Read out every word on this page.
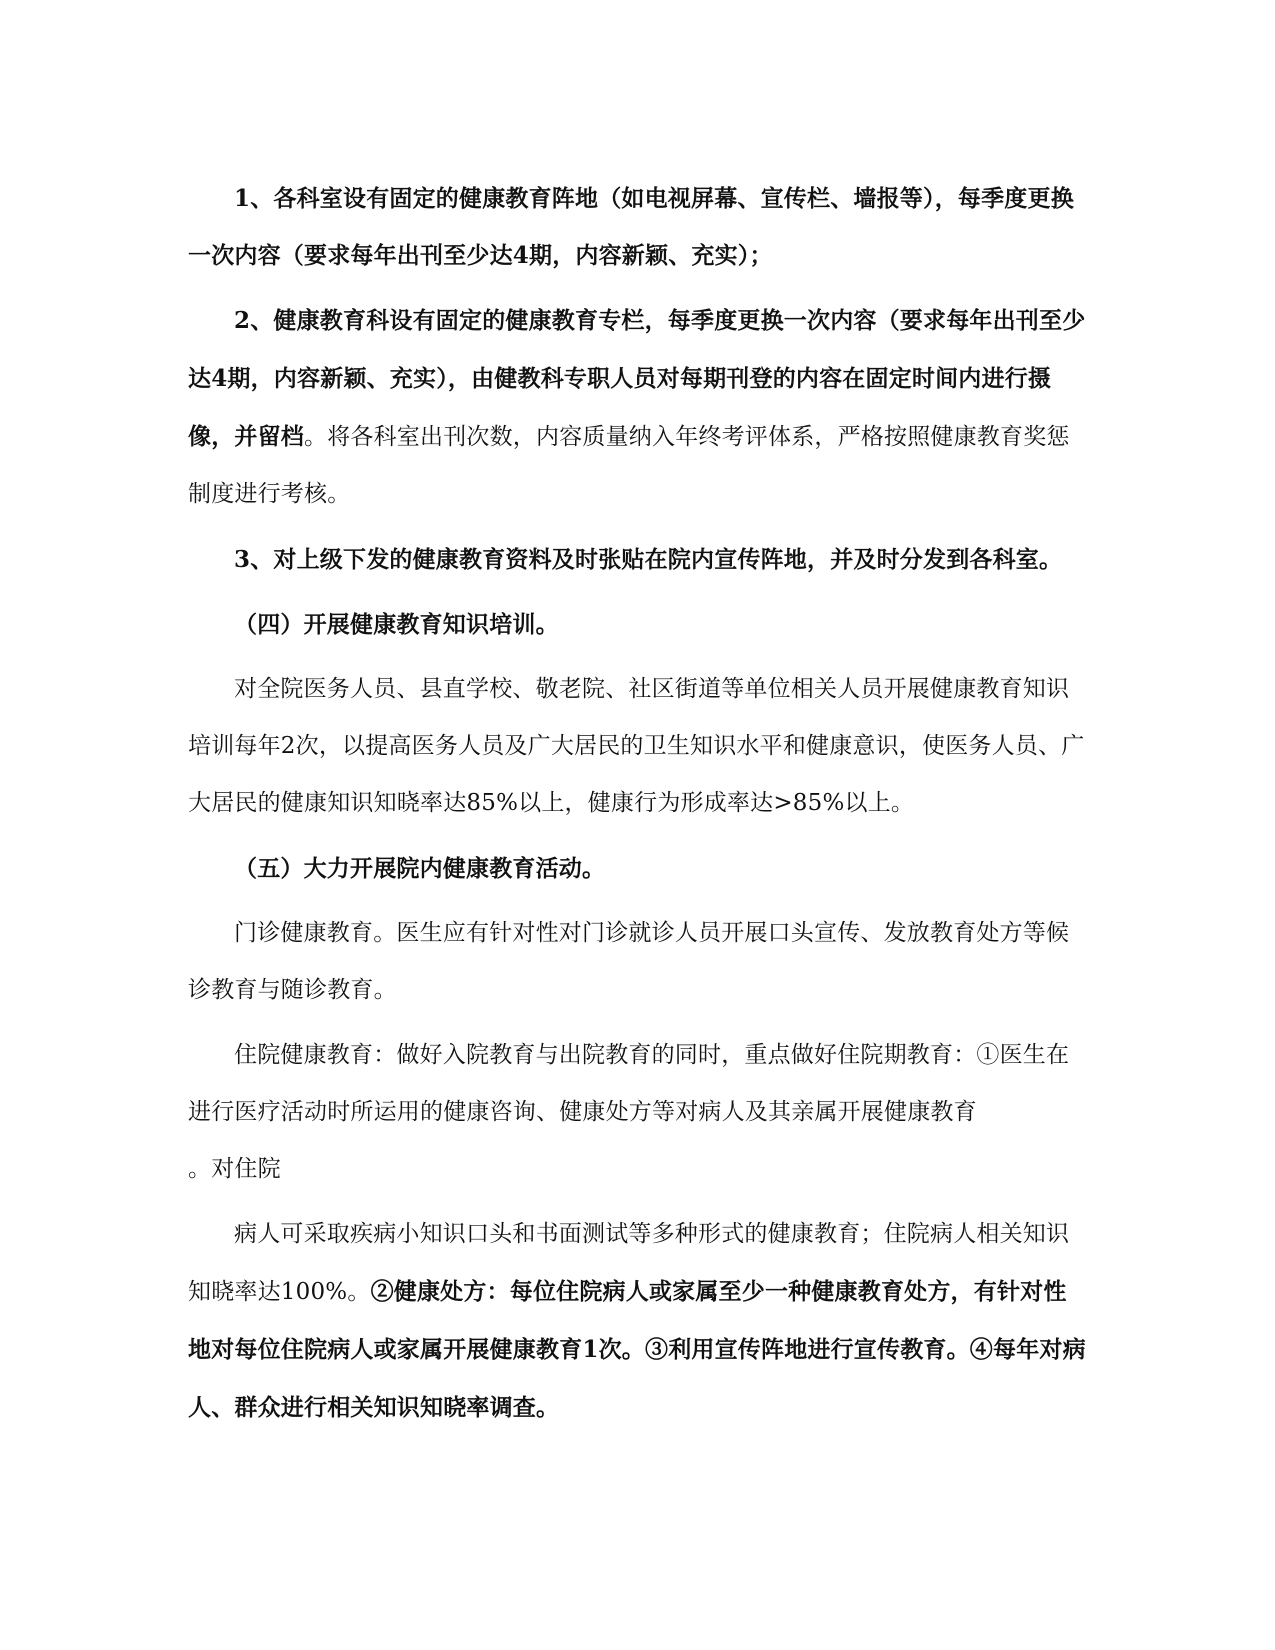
1、各科室设有固定的健康教育阵地（如电视屏幕、宣传栏、墙报等），每季度更换一次内容（要求每年出刊至少达4期，内容新颖、充实）；

2、健康教育科设有固定的健康教育专栏，每季度更换一次内容（要求每年出刊至少达4期，内容新颖、充实），由健教科专职人员对每期刊登的内容在固定时间内进行摄像，并留档。将各科室出刊次数，内容质量纳入年终考评体系，严格按照健康教育奖惩制度进行考核。

3、对上级下发的健康教育资料及时张贴在院内宣传阵地，并及时分发到各科室。

（四）开展健康教育知识培训。

对全院医务人员、县直学校、敬老院、社区街道等单位相关人员开展健康教育知识培训每年2次，以提高医务人员及广大居民的卫生知识水平和健康意识，使医务人员、广大居民的健康知识知晓率达85%以上，健康行为形成率达>85%以上。

（五）大力开展院内健康教育活动。

门诊健康教育。医生应有针对性对门诊就诊人员开展口头宣传、发放教育处方等候诊教育与随诊教育。

住院健康教育：做好入院教育与出院教育的同时，重点做好住院期教育：①医生在进行医疗活动时所运用的健康咨询、健康处方等对病人及其亲属开展健康教育

。对住院

病人可采取疾病小知识口头和书面测试等多种形式的健康教育；住院病人相关知识知晓率达100%。②健康处方：每位住院病人或家属至少一种健康教育处方，有针对性地对每位住院病人或家属开展健康教育1次。③利用宣传阵地进行宣传教育。④每年对病人、群众进行相关知识知晓率调查。
